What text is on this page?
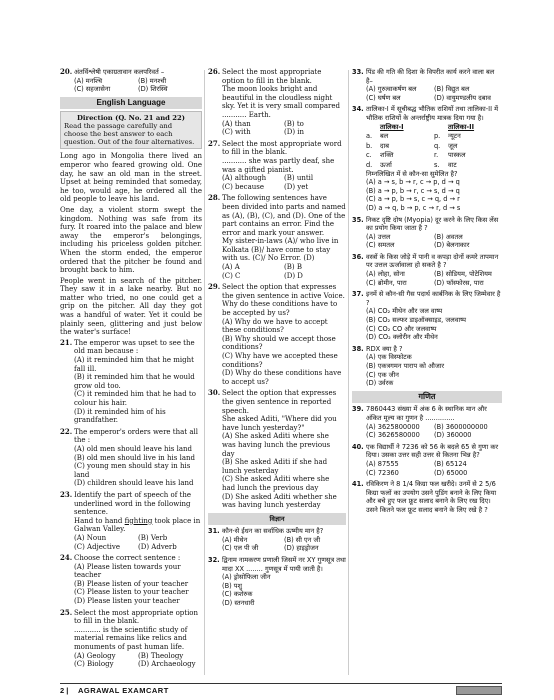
20. अंतर्विश्लेषी एकाग्रतावान कलपरिवर्त –
(A) मनश्चि	(B) मनश्ची
(C) सहजासेना	(D) शिरस्थि
English Language
Direction (Q. No. 21 and 22)
Read the passage carefully and choose the best answer to each question. Out of the four alternatives.

Long ago in Mongolia there lived an emperor who feared growing old. One day, he saw an old man in the street. Upset at being reminded that someday, he too, would age, he ordered all the old people to leave his land.

One day, a violent storm swept the kingdom. Nothing was safe from its fury. It roared into the palace and blew away the emperor's belongings, including his priceless golden pitcher. When the storm ended, the emperor ordered that the pitcher be found and brought back to him.

People went in search of the pitcher. They saw it in a lake nearby. But no matter who tried, no one could get a grip on the pitcher. All day they got was a handful of water. Yet it could be plainly seen, glittering and just below the water's surface!

21. The emperor was upset to see the old man because :
(A) it reminded him that he might fall ill.
(B) it reminded him that he would grow old too.
(C) it reminded him that he had to colour his hair.
(D) it reminded him of his grandfather.
22. The emperor's orders were that all the :
(A) old men should leave his land
(B) old men should live in his land
(C) young men should stay in his land
(D) children should leave his land
23. Identify the part of speech of the underlined word in the following sentence.
Hand to hand fighting took place in Galwan Valley.
(A) Noun	(B) Verb
(C) Adjective	(D) Adverb
24. Choose the correct sentence :
(A) Please listen towards your teacher
(B) Please listen of your teacher
(C) Please listen to your teacher
(D) Please listen your teacher
25. Select the most appropriate option to fill in the blank.
............ is the scientific study of material remains like relics and monuments of past human life.
(A) Geology	(B) Theology
(C) Biology	(D) Archaeology
26. Select the most appropriate option to fill in the blank.
The moon looks bright and beautiful in the cloudless night sky. Yet it is very small compared ........... Earth.
(A) than	(B) to
(C) with	(D) in
27. Select the most appropriate word to fill in the blank.
........... she was partly deaf, she was a gifted pianist.
(A) although	(B) until
(C) because	(D) yet
28. The following sentences have been divided into parts and named as (A), (B), (C), and (D). One of the part contains an error. Find the error and mark your answer.
My sister-in-laws (A)/ who live in Kolkata (B)/ have come to stay with us. (C)/ No Error. (D)
(A) A	(B) B
(C) C	(D) D
29. Select the option that expresses the given sentence in active Voice.
Why do these conditions have to be accepted by us?
(A) Why do we have to accept these conditions?
(B) Why should we accept those conditions?
(C) Why have we accepted these conditions?
(D) Why do these conditions have to accept us?
30. Select the option that expresses the given sentence in reported speech.
She asked Aditi, "Where did you have lunch yesterday?"
(A) She asked Aditi where she was having lunch the previous day
(B) She asked Aditi if she had lunch yesterday
(C) She asked Aditi where she had lunch the previous day
(D) She asked Aditi whether she was having lunch yesterday
विज्ञान
31. कौन-से ईंधन का सर्वाधिक ऊष्मीय मान है?
(A) मीथेन	(B) सी एन जी
(C) एल पी जी	(D) हाइड्रोजन
32. द्विनाम नामकरण प्रणाली जिसमें नर XY गुणसूत्र तथा मादा XX ........ गुणसूत्र में पायी जाती है।
(A) ड्रोसोफिला जीन
(B) पशु
(C) कशेरुक
(D) स्तनधारी
33. पिंड की गति की दिशा के विपरीत कार्य करने वाला बल है–
(A) गुरुत्वाकर्षण बल	(B) विद्युत बल
(C) घर्षण बल	(D) वायुमण्डलीय दबाव
34. तालिका-I में सूचीबद्ध भौतिक राशियों तथा तालिका-II में भौतिक राशियों के अन्तर्राष्ट्रीय मात्रक दिया गया है।
तालिका-I	तालिका-II
a.	बल	p.	न्यूटन
b.	दाब	q.	जूल
c.	शक्ति	r.	पास्कल
d.	ऊर्जा	s.	वाट
निम्नलिखित में से कौन-सा सुमेलित है?
(A) a → s, b → r, c → p, d → q
(B) a → p, b → r, c → s, d → q
(C) a → p, b → s, c → q, d → r
(D) a → q, b → p, c → r, d → s
35. निकट दृष्टि दोष (Myopia) दूर करने के लिए किस लेंस का प्रयोग किया जाता है ?
(A) उत्तल	(B) अवतल
(C) समतल	(D) बेलनाकार
36. वस्त्रों के किस जोड़े में पानी व कपड़ा दोनों कमरे तापमान पर उत्तल ऊर्जावाला हो सकते है ?
(A) लोहा, सोना	(B) सोडियम, पोटेशियम
(C) ब्रोमीन, पारा	(D) फॉस्फोरस, पारा
37. इनमें से कौन-सी गैस पदार्थ कार्बनिक के लिए जिम्मेवार है ?
(A) CO₂ मीथेन और जल वाष्प
(B) CO₂ सल्फर डाइऑक्साइड, जलवाष्प
(C) CO₂ CO और जलवाष्प
(D) CO₂ क्लोरीन और मीथेन
38. RDX क्या है ?
(A) एक विस्फोटक
(B) एकत्रगमन पाराप को औजार
(C) एक जीन
(D) उर्वरक
गणित
39. 7860443 संख्या में अंक 6 के स्थानिक मान और अंकित मूल्य का गुणन है ..............
(A) 3625800000	(B) 3600000000
(C) 3626580000	(D) 360000
40. एक विद्यार्थी ने 7236 को 56 के बदले 65 से गुणा कर दिया। उसका उत्तर सही उत्तर से कितना भिन्न है?
(A) 87555	(B) 65124
(C) 72360	(D) 65000
41. रविकिरण ने 8 1/4 किग्रा फल खरीदे। उनमें से 2 5/6 किग्रा फलों का उपयोग उसने पुडिंग बनाने के लिए किया और बचे हुए फल फ्रूट सलाद बनाने के लिए रख दिए। उसने कितने फल फ्रूट सलाद बनाने के लिए रखे है ?
2 | AGRAWAL EXAMCART
